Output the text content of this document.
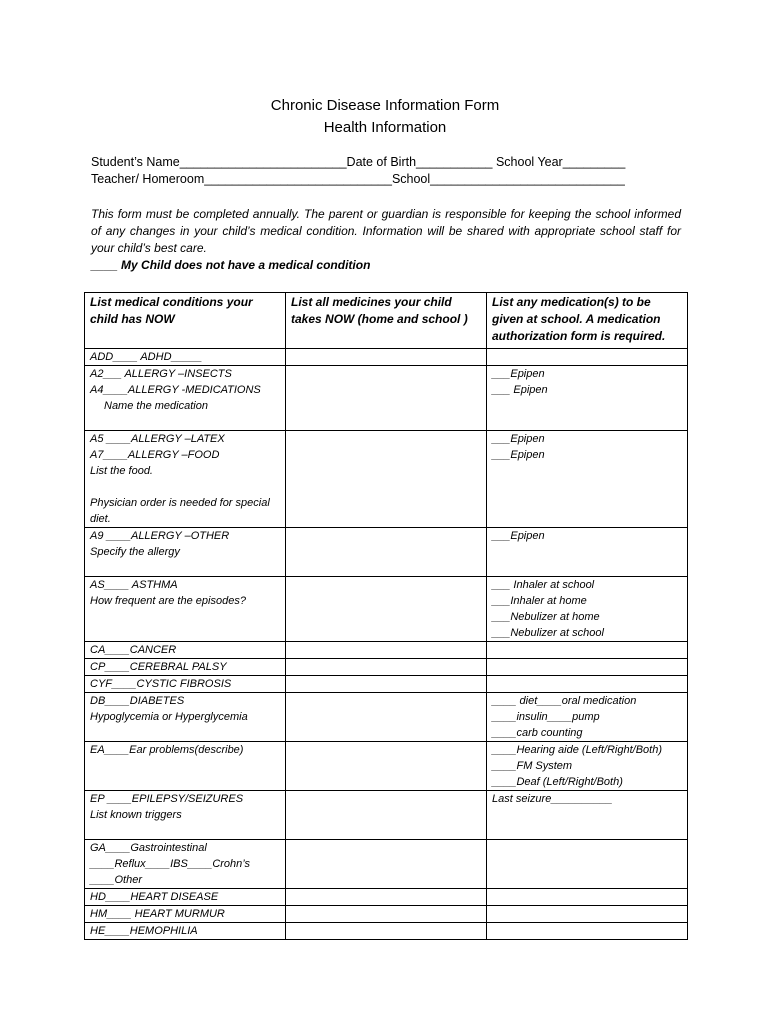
Chronic Disease Information Form
Health Information
Student’s Name________________________Date of Birth___________ School Year_________
Teacher/ Homeroom___________________________School____________________________
This form must be completed annually. The parent or guardian is responsible for keeping the school informed of any changes in your child’s medical condition. Information will be shared with appropriate school staff for your child’s best care.
____ My Child does not have a medical condition
List medical conditions your child has NOW	List all medicines your child takes NOW (home and school )	List any medication(s) to be given at school. A medication authorization form is required.

ADD____ ADHD_____		

A2___ ALLERGY –INSECTS
A4____ALLERGY -MEDICATIONS
Name the medication		___Epipen
___ Epipen

A5 ____ALLERGY –LATEX
A7____ALLERGY –FOOD
List the food.
Physician order is needed for special
diet.		___Epipen
___Epipen

A9 ____ALLERGY –OTHER
Specify the allergy		___Epipen

AS____ ASTHMA
How frequent are the episodes?		___ Inhaler at school
___Inhaler at home
___Nebulizer at home
___Nebulizer at school

CA____CANCER		

CP____CEREBRAL PALSY		

CYF____CYSTIC FIBROSIS		

DB____DIABETES
Hypoglycemia or Hyperglycemia		____ diet____oral medication
____insulin____pump
____carb counting

EA____Ear problems(describe)		____Hearing aide (Left/Right/Both)
____FM System
____Deaf (Left/Right/Both)

EP ____EPILEPSY/SEIZURES
List known triggers		Last seizure__________

GA____Gastrointestinal
____Reflux____IBS____Crohn’s
____Other		

HD____HEART DISEASE		

HM____ HEART MURMUR		

HE____HEMOPHILIA		
